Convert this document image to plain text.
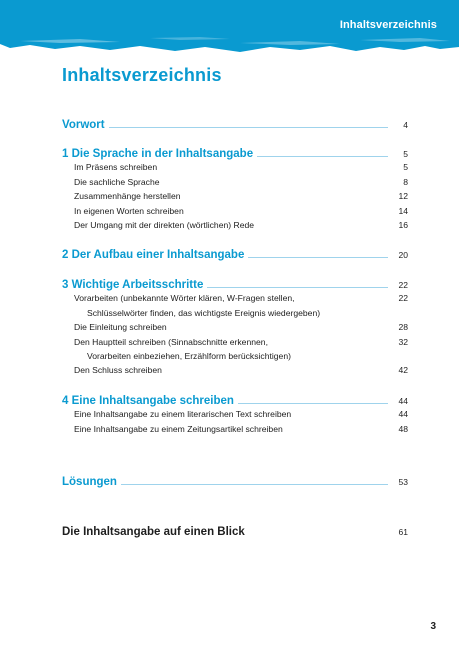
Inhaltsverzeichnis
Inhaltsverzeichnis
Vorwort	4
1 Die Sprache in der Inhaltsangabe	5
Im Präsens schreiben	5
Die sachliche Sprache	8
Zusammenhänge herstellen	12
In eigenen Worten schreiben	14
Der Umgang mit der direkten (wörtlichen) Rede	16
2 Der Aufbau einer Inhaltsangabe	20
3 Wichtige Arbeitsschritte	22
Vorarbeiten (unbekannte Wörter klären, W-Fragen stellen,	22
Schlüsselwörter finden, das wichtigste Ereignis wiedergeben)
Die Einleitung schreiben	28
Den Hauptteil schreiben (Sinnabschnitte erkennen,	32
Vorarbeiten einbeziehen, Erzählform berücksichtigen)
Den Schluss schreiben	42
4 Eine Inhaltsangabe schreiben	44
Eine Inhaltsangabe zu einem literarischen Text schreiben	44
Eine Inhaltsangabe zu einem Zeitungsartikel schreiben	48
Lösungen	53
Die Inhaltsangabe auf einen Blick	61
3
